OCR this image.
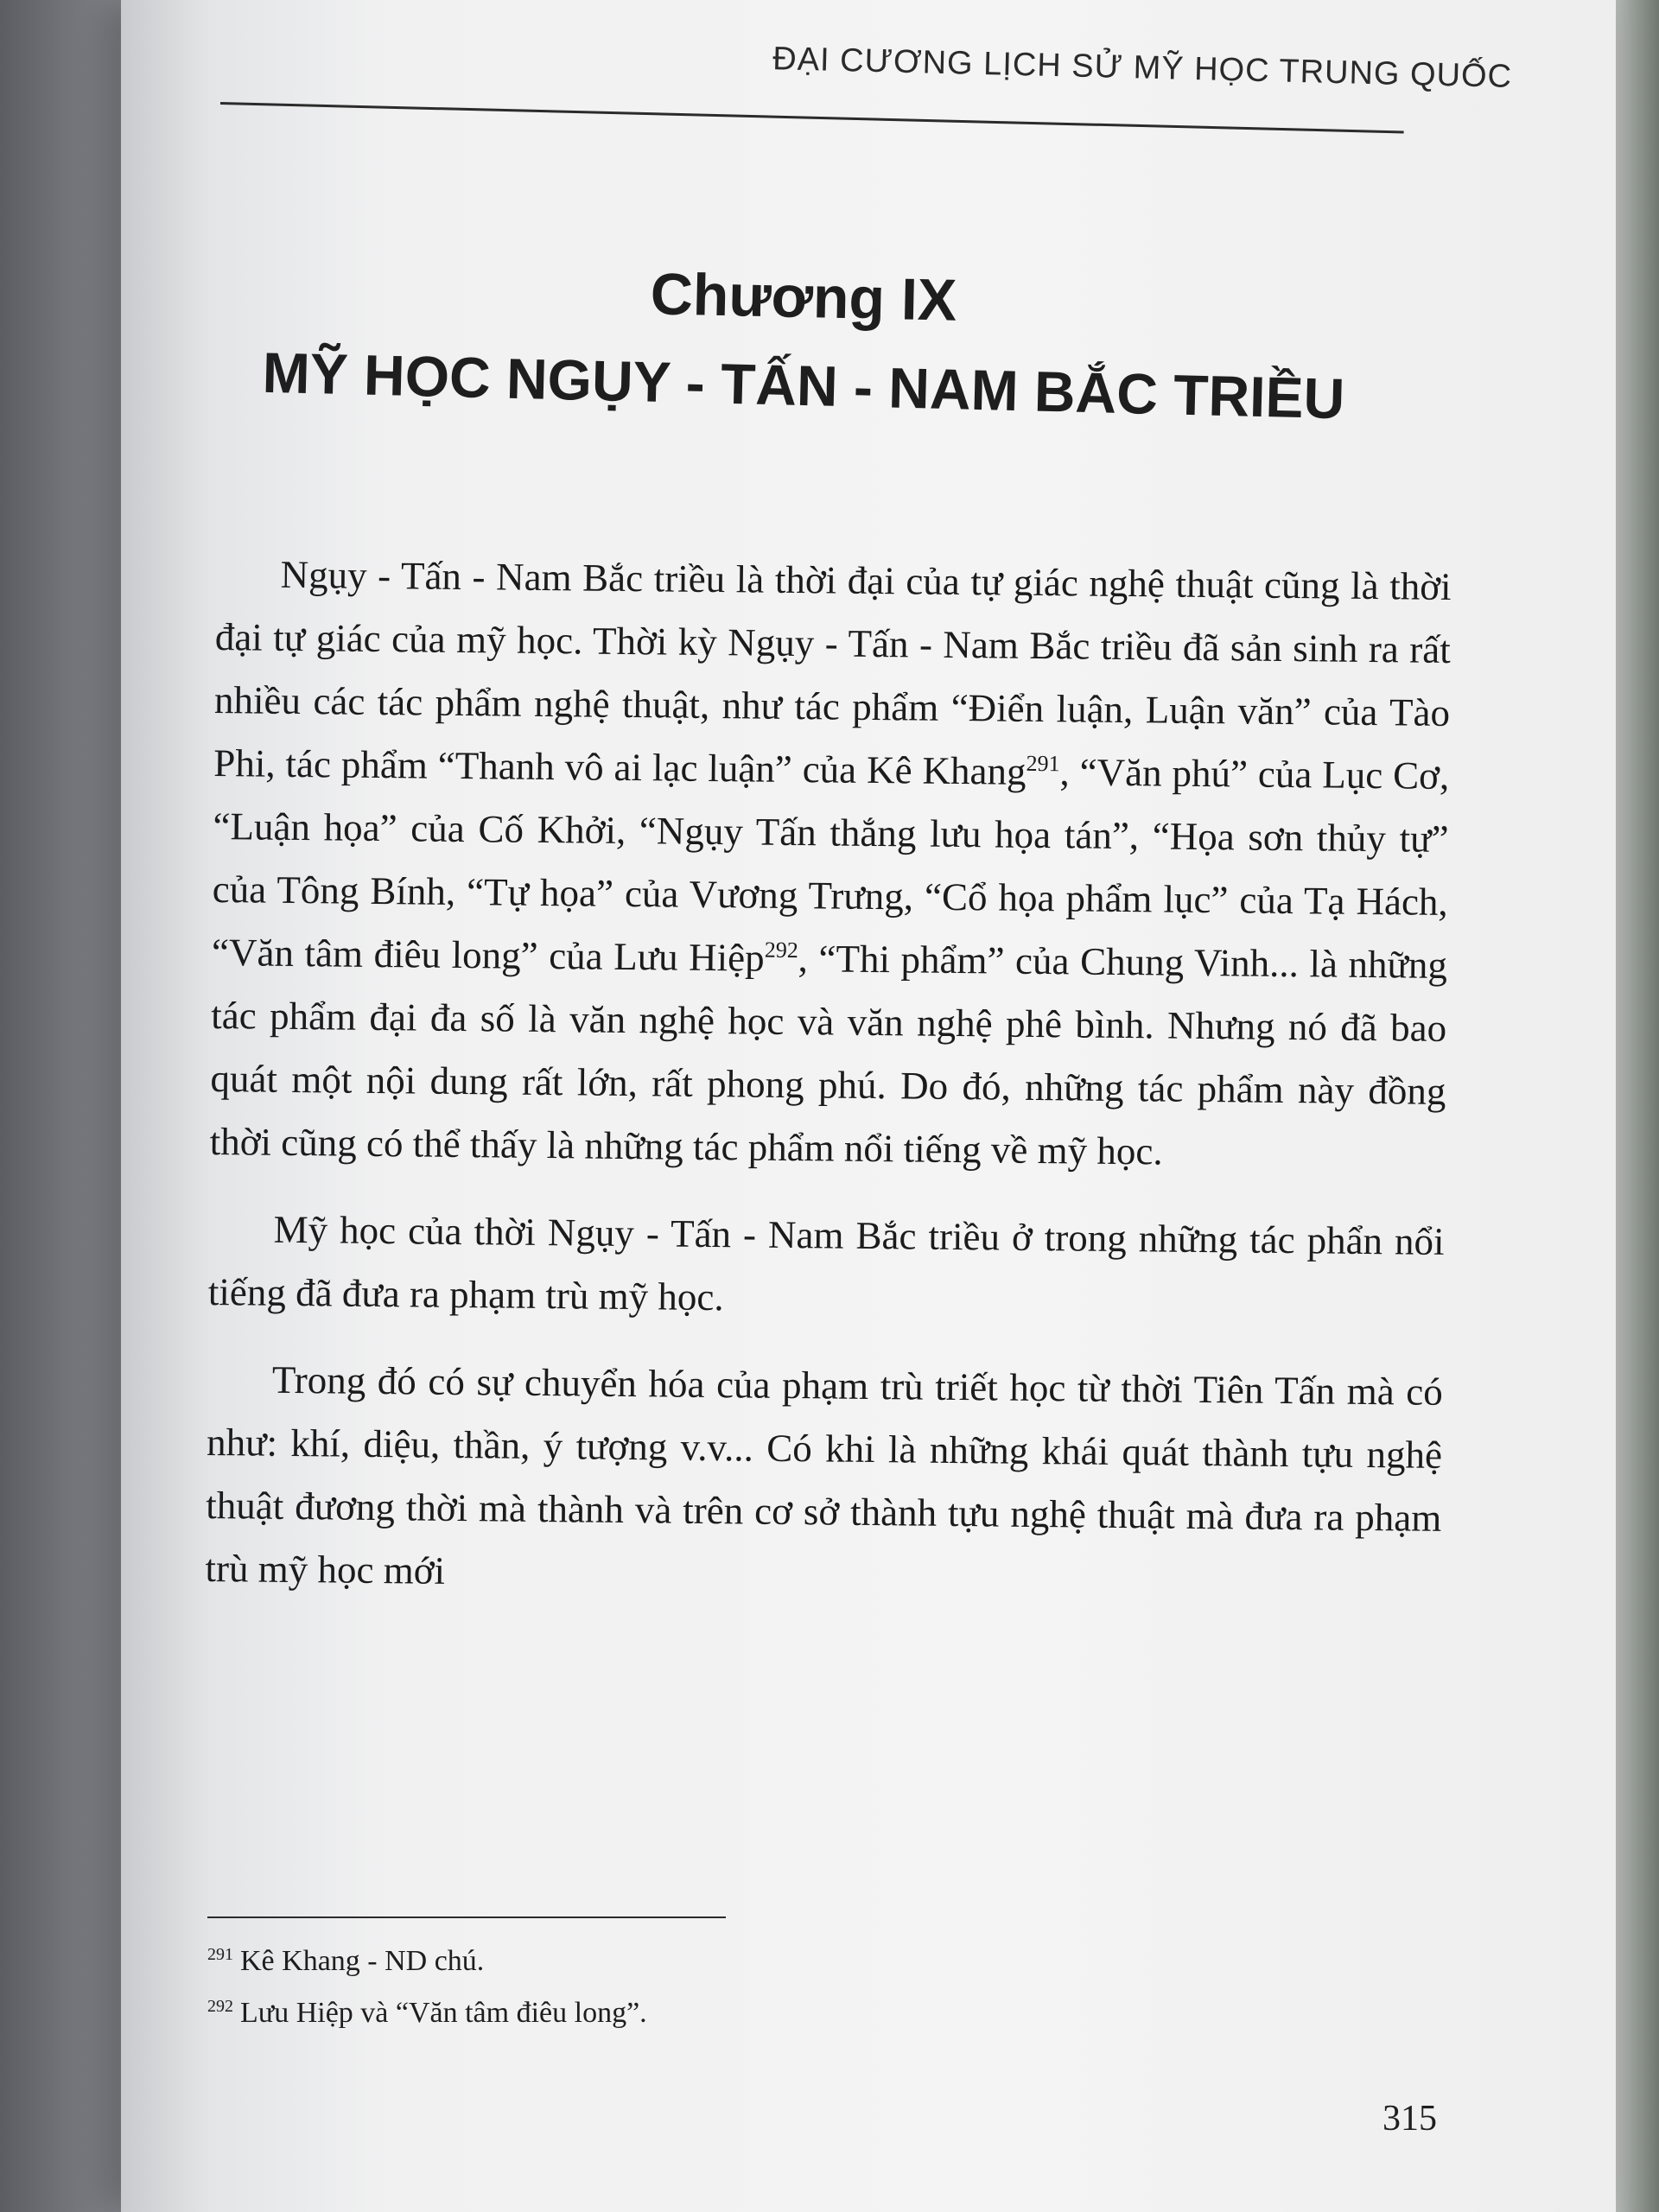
ĐẠI CƯƠNG LỊCH SỬ MỸ HỌC TRUNG QUỐC
Chương IX
MỸ HỌC NGỤY - TẤN - NAM BẮC TRIỀU

Ngụy - Tấn - Nam Bắc triều là thời đại của tự giác nghệ thuật cũng là thời đại tự giác của mỹ học. Thời kỳ Ngụy - Tấn - Nam Bắc triều đã sản sinh ra rất nhiều các tác phẩm nghệ thuật, như tác phẩm “Điển luận, Luận văn” của Tào Phi, tác phẩm “Thanh vô ai lạc luận” của Kê Khang$^{291}$, “Văn phú” của Lục Cơ, “Luận họa” của Cố Khởi, “Ngụy Tấn thắng lưu họa tán”, “Họa sơn thủy tự” của Tông Bính, “Tự họa” của Vương Trưng, “Cổ họa phẩm lục” của Tạ Hách, “Văn tâm điêu long” của Lưu Hiệp$^{292}$, “Thi phẩm” của Chung Vinh... là những tác phẩm đại đa số là văn nghệ học và văn nghệ phê bình. Nhưng nó đã bao quát một nội dung rất lớn, rất phong phú. Do đó, những tác phẩm này đồng thời cũng có thể thấy là những tác phẩm nổi tiếng về mỹ học.

Mỹ học của thời Ngụy - Tấn - Nam Bắc triều ở trong những tác phẩn nổi tiếng đã đưa ra phạm trù mỹ học.

Trong đó có sự chuyển hóa của phạm trù triết học từ thời Tiên Tấn mà có như: khí, diệu, thần, ý tượng v.v... Có khi là những khái quát thành tựu nghệ thuật đương thời mà thành và trên cơ sở thành tựu nghệ thuật mà đưa ra phạm trù mỹ học mới

$^{291}$ Kê Khang - ND chú.
$^{292}$ Lưu Hiệp và “Văn tâm điêu long”.
315
